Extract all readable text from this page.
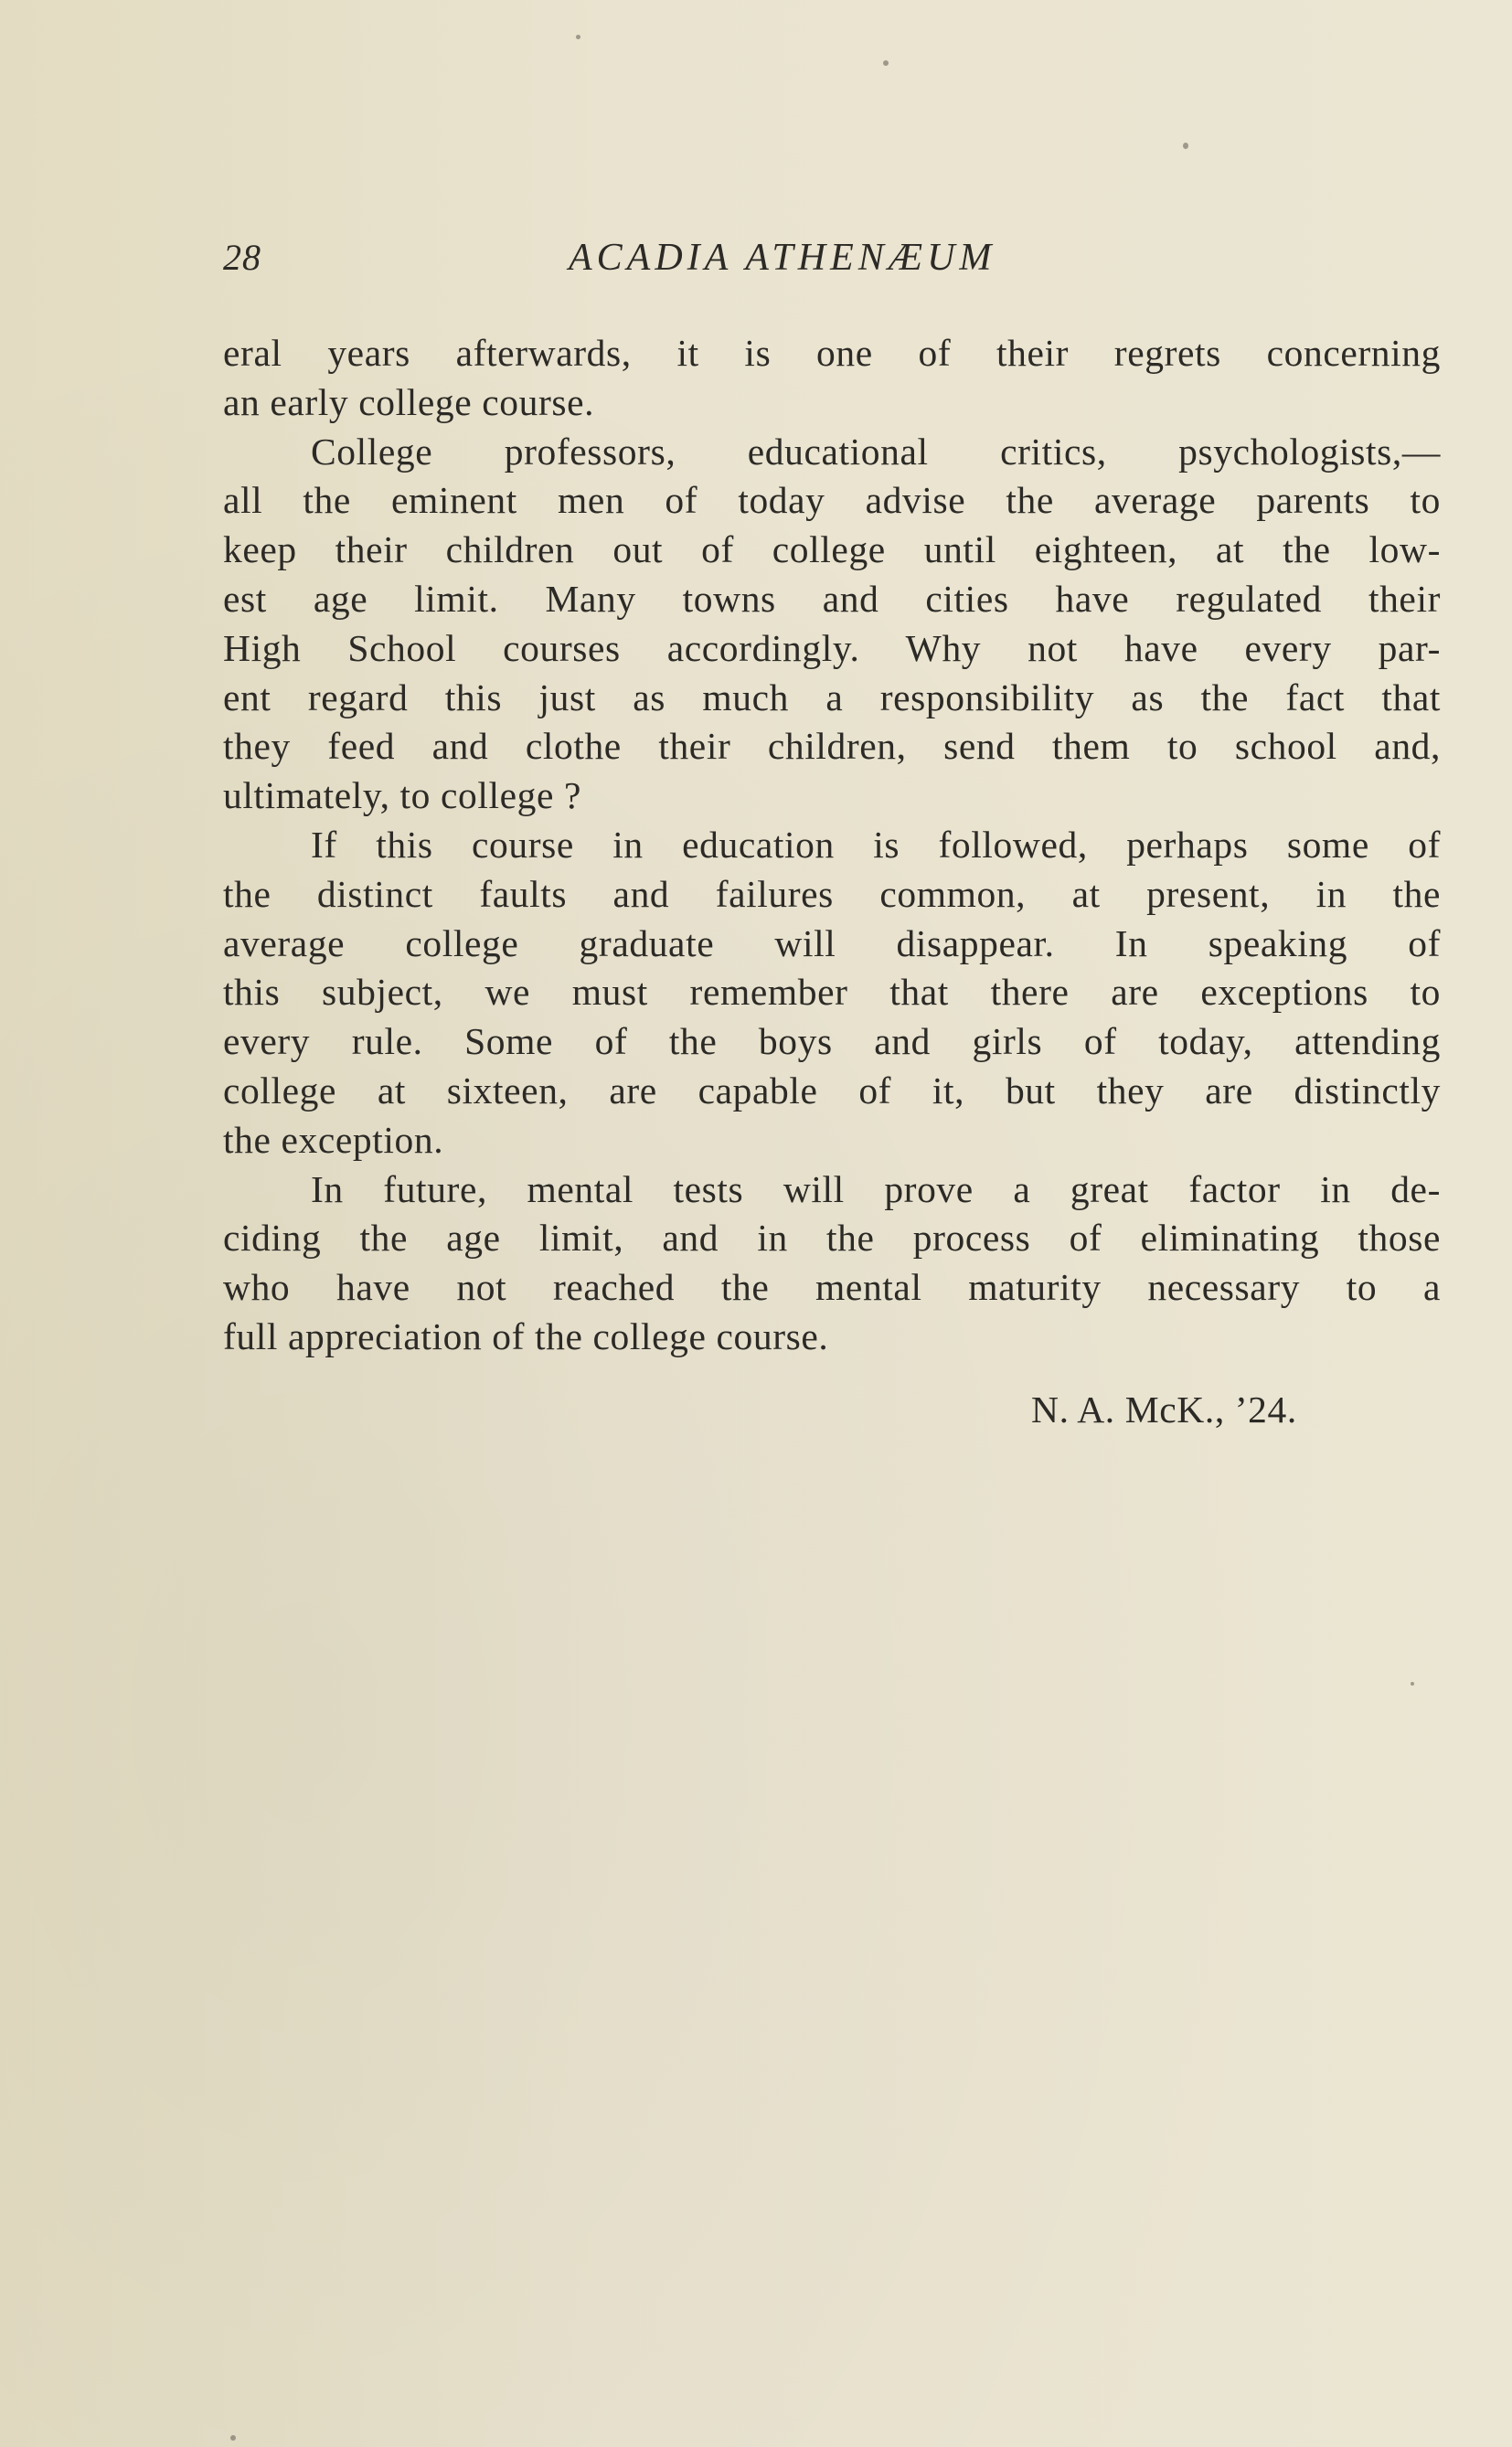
28	ACADIA ATHENÆUM
eral years afterwards, it is one of their regrets concerning
an early college course.
College professors, educational critics, psychologists,—
all the eminent men of today advise the average parents to
keep their children out of college until eighteen, at the low-
est age limit. Many towns and cities have regulated their
High School courses accordingly. Why not have every par-
ent regard this just as much a responsibility as the fact that
they feed and clothe their children, send them to school and,
ultimately, to college ?
If this course in education is followed, perhaps some of
the distinct faults and failures common, at present, in the
average college graduate will disappear. In speaking of
this subject, we must remember that there are exceptions to
every rule. Some of the boys and girls of today, attending
college at sixteen, are capable of it, but they are distinctly
the exception.
In future, mental tests will prove a great factor in de-
ciding the age limit, and in the process of eliminating those
who have not reached the mental maturity necessary to a
full appreciation of the college course.
N. A. McK., ’24.
